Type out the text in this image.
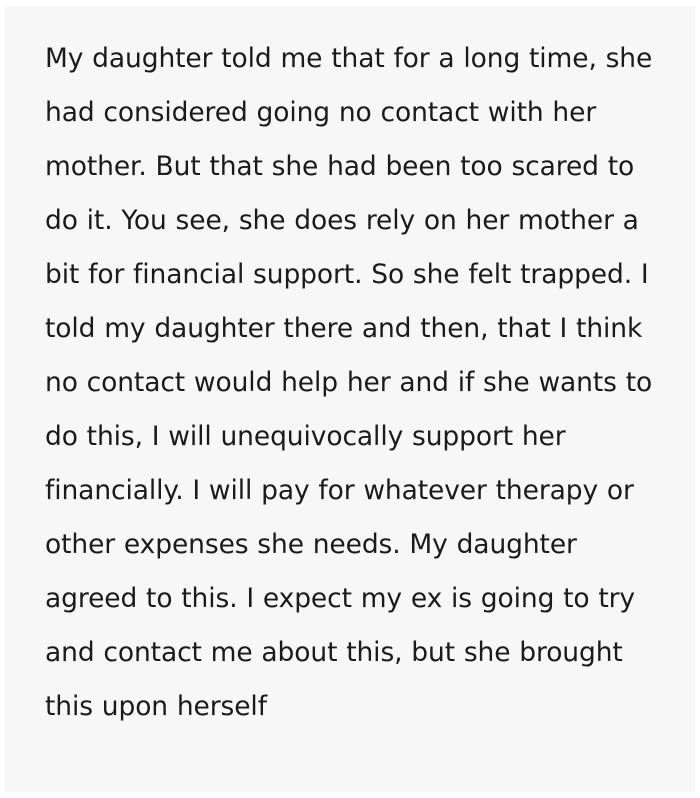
My daughter told me that for a long time, she had considered going no contact with her mother. But that she had been too scared to do it. You see, she does rely on her mother a bit for financial support. So she felt trapped. I told my daughter there and then, that I think no contact would help her and if she wants to do this, I will unequivocally support her financially. I will pay for whatever therapy or other expenses she needs. My daughter agreed to this. I expect my ex is going to try and contact me about this, but she brought this upon herself
